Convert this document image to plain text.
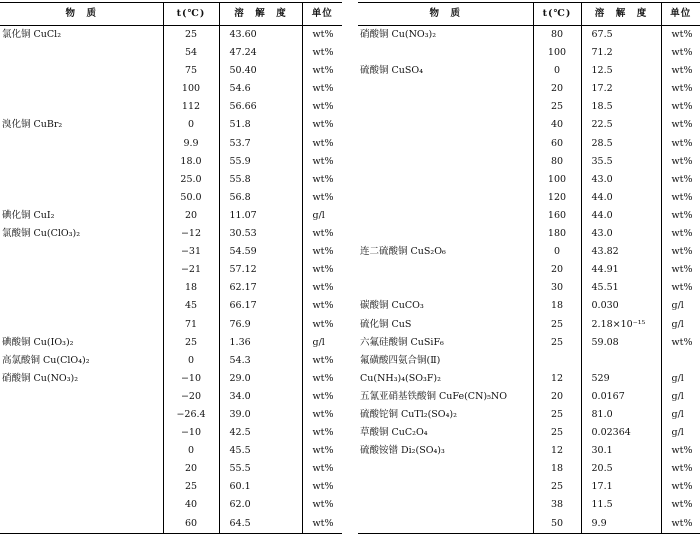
物　质	t(℃)	溶　解　度	单位
氯化铜 CuCl₂	25	43.60	wt%
	54	47.24	wt%
	75	50.40	wt%
	100	54.6	wt%
	112	56.66	wt%
溴化铜 CuBr₂	0	51.8	wt%
	9.9	53.7	wt%
	18.0	55.9	wt%
	25.0	55.8	wt%
	50.0	56.8	wt%
碘化铜 CuI₂	20	11.07	g/l
氯酸铜 Cu(ClO₃)₂	−12	30.53	wt%
	−31	54.59	wt%
	−21	57.12	wt%
	18	62.17	wt%
	45	66.17	wt%
	71	76.9	wt%
碘酸铜 Cu(IO₃)₂	25	1.36	g/l
高氯酸铜 Cu(ClO₄)₂	0	54.3	wt%
硝酸铜 Cu(NO₃)₂	−10	29.0	wt%
	−20	34.0	wt%
	−26.4	39.0	wt%
	−10	42.5	wt%
	0	45.5	wt%
	20	55.5	wt%
	25	60.1	wt%
	40	62.0	wt%
	60	64.5	wt%
物　质	t(℃)	溶　解　度	单位
硝酸铜 Cu(NO₃)₂	80	67.5	wt%
	100	71.2	wt%
硫酸铜 CuSO₄	0	12.5	wt%
	20	17.2	wt%
	25	18.5	wt%
	40	22.5	wt%
	60	28.5	wt%
	80	35.5	wt%
	100	43.0	wt%
	120	44.0	wt%
	160	44.0	wt%
	180	43.0	wt%
连二硫酸铜 CuS₂O₆	0	43.82	wt%
	20	44.91	wt%
	30	45.51	wt%
碳酸铜 CuCO₃	18	0.030	g/l
硫化铜 CuS	25	2.18×10⁻¹⁵	g/l
六氟硅酸铜 CuSiF₆	25	59.08	wt%
氟磺酸四氨合铜(Ⅱ)			
Cu(NH₃)₄(SO₃F)₂	12	529	g/l
五氰亚硝基铁酸铜 CuFe(CN)₅NO	20	0.0167	g/l
硫酸铊铜 CuTl₂(SO₄)₂	25	81.0	g/l
草酸铜 CuC₂O₄	25	0.02364	g/l
硫酸铵镨 Di₂(SO₄)₃	12	30.1	wt%
	18	20.5	wt%
	25	17.1	wt%
	38	11.5	wt%
	50	9.9	wt%
